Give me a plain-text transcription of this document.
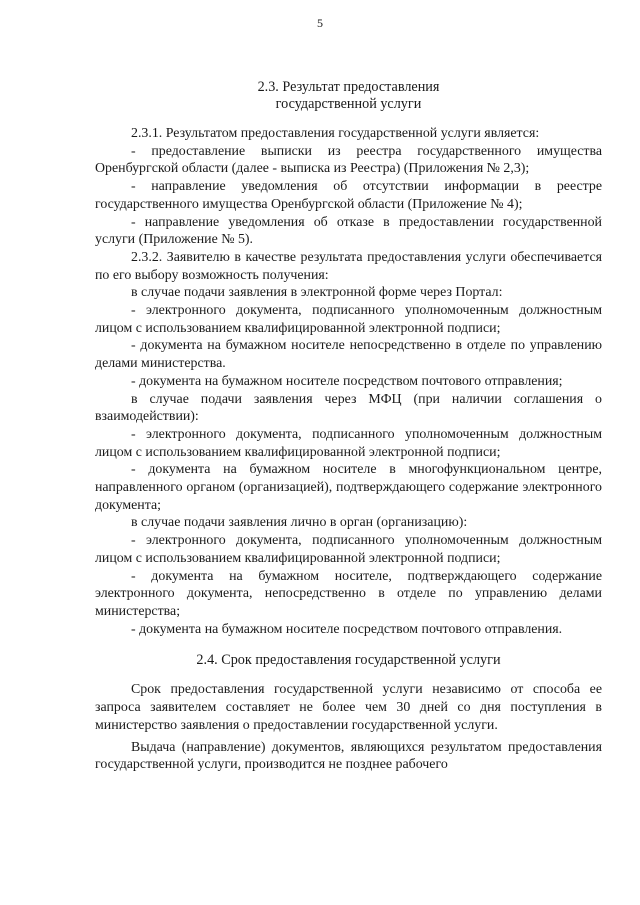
5
2.3. Результат предоставления
государственной услуги

2.3.1. Результатом предоставления государственной услуги является:

- предоставление выписки из реестра государственного имущества Оренбургской области (далее - выписка из Реестра) (Приложения № 2,3);

- направление уведомления об отсутствии информации в реестре государственного имущества Оренбургской области (Приложение № 4);

- направление уведомления об отказе в предоставлении государственной услуги (Приложение № 5).

2.3.2. Заявителю в качестве результата предоставления услуги обеспечивается по его выбору возможность получения:

в случае подачи заявления в электронной форме через Портал:

- электронного документа, подписанного уполномоченным должностным лицом с использованием квалифицированной электронной подписи;

- документа на бумажном носителе непосредственно в отделе по управлению делами министерства.

- документа на бумажном носителе посредством почтового отправления;

в случае подачи заявления через МФЦ (при наличии соглашения о взаимодействии):

- электронного документа, подписанного уполномоченным должностным лицом с использованием квалифицированной электронной подписи;

- документа на бумажном носителе в многофункциональном центре, направленного органом (организацией), подтверждающего содержание электронного документа;

в случае подачи заявления лично в орган (организацию):

- электронного документа, подписанного уполномоченным должностным лицом с использованием квалифицированной электронной подписи;

- документа на бумажном носителе, подтверждающего содержание электронного документа, непосредственно в отделе по управлению делами министерства;

- документа на бумажном носителе посредством почтового отправления.

2.4. Срок предоставления государственной услуги

Срок предоставления государственной услуги независимо от способа ее запроса заявителем составляет не более чем 30 дней со дня поступления в министерство заявления о предоставлении государственной услуги.

Выдача (направление) документов, являющихся результатом предоставления государственной услуги, производится не позднее рабочего
